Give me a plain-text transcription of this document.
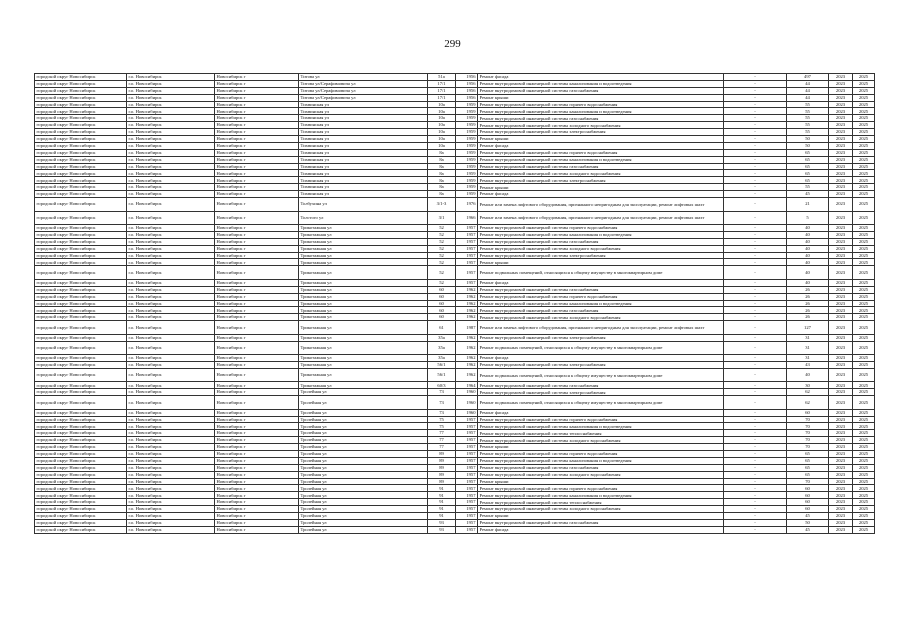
299
городской округ Новосибирск	г.о. Новосибирск	Новосибирск г	Титова ул	51а	1956	Ремонт фасада	-	497	2023	2025
городской округ Новосибирск	г.о. Новосибирск	Новосибирск г	Титова ул/Серафимовича ул	17/1	1956	Ремонт внутридомовой инженерной системы канализования и водоотведения	-	44	2023	2025
городской округ Новосибирск	г.о. Новосибирск	Новосибирск г	Титова ул/Серафимовича ул	17/1	1956	Ремонт внутридомовой инженерной системы газоснабжения	-	44	2023	2025
городской округ Новосибирск	г.о. Новосибирск	Новосибирск г	Титова ул/Серафимовича ул	17/1	1956	Ремонт крыши	-	44	2023	2025
городской округ Новосибирск	г.о. Новосибирск	Новосибирск г	Тихвинская ул	10а	1959	Ремонт внутридомовой инженерной системы горячего водоснабжения	-	55	2023	2025
городской округ Новосибирск	г.о. Новосибирск	Новосибирск г	Тихвинская ул	10а	1959	Ремонт внутридомовой инженерной системы канализования и водоотведения	-	55	2023	2025
городской округ Новосибирск	г.о. Новосибирск	Новосибирск г	Тихвинская ул	10а	1959	Ремонт внутридомовой инженерной системы газоснабжения	-	55	2023	2025
городской округ Новосибирск	г.о. Новосибирск	Новосибирск г	Тихвинская ул	10а	1959	Ремонт внутридомовой инженерной системы холодного водоснабжения	-	55	2023	2025
городской округ Новосибирск	г.о. Новосибирск	Новосибирск г	Тихвинская ул	10а	1959	Ремонт внутридомовой инженерной системы электроснабжения	-	55	2023	2025
городской округ Новосибирск	г.о. Новосибирск	Новосибирск г	Тихвинская ул	10а	1959	Ремонт крыши	-	50	2023	2025
городской округ Новосибирск	г.о. Новосибирск	Новосибирск г	Тихвинская ул	10а	1959	Ремонт фасада	-	50	2023	2025
городской округ Новосибирск	г.о. Новосибирск	Новосибирск г	Тихвинская ул	8а	1959	Ремонт внутридомовой инженерной системы горячего водоснабжения	-	65	2023	2025
городской округ Новосибирск	г.о. Новосибирск	Новосибирск г	Тихвинская ул	8а	1959	Ремонт внутридомовой инженерной системы канализования и водоотведения	-	65	2023	2025
городской округ Новосибирск	г.о. Новосибирск	Новосибирск г	Тихвинская ул	8а	1959	Ремонт внутридомовой инженерной системы газоснабжения	-	65	2023	2025
городской округ Новосибирск	г.о. Новосибирск	Новосибирск г	Тихвинская ул	8а	1959	Ремонт внутридомовой инженерной системы холодного водоснабжения	-	65	2023	2025
городской округ Новосибирск	г.о. Новосибирск	Новосибирск г	Тихвинская ул	8а	1959	Ремонт внутридомовой инженерной системы электроснабжения	-	65	2023	2025
городской округ Новосибирск	г.о. Новосибирск	Новосибирск г	Тихвинская ул	8а	1959	Ремонт крыши	-	55	2023	2025
городской округ Новосибирск	г.о. Новосибирск	Новосибирск г	Тихвинская ул	8а	1959	Ремонт фасада	-	45	2023	2025
городской округ Новосибирск	г.о. Новосибирск	Новосибирск г	Толбухина ул	3/1-3	1976	Ремонт или замена лифтового оборудования, признанного непригодным для эксплуатации, ремонт лифтовых шахт	-	21	2023	2025
городской округ Новосибирск	г.о. Новосибирск	Новосибирск г	Толстого ул	3/1	1966	Ремонт или замена лифтового оборудования, признанного непригодным для эксплуатации, ремонт лифтовых шахт	-	5	2023	2025
городской округ Новосибирск	г.о. Новосибирск	Новосибирск г	Трикотажная ул	52	1957	Ремонт внутридомовой инженерной системы горячего водоснабжения	-	40	2023	2025
городской округ Новосибирск	г.о. Новосибирск	Новосибирск г	Трикотажная ул	52	1957	Ремонт внутридомовой инженерной системы канализования и водоотведения	-	40	2023	2025
городской округ Новосибирск	г.о. Новосибирск	Новосибирск г	Трикотажная ул	52	1957	Ремонт внутридомовой инженерной системы газоснабжения	-	40	2023	2025
городской округ Новосибирск	г.о. Новосибирск	Новосибирск г	Трикотажная ул	52	1957	Ремонт внутридомовой инженерной системы холодного водоснабжения	-	40	2023	2025
городской округ Новосибирск	г.о. Новосибирск	Новосибирск г	Трикотажная ул	52	1957	Ремонт внутридомовой инженерной системы электроснабжения	-	40	2023	2025
городской округ Новосибирск	г.о. Новосибирск	Новосибирск г	Трикотажная ул	52	1957	Ремонт крыши	-	40	2023	2025
городской округ Новосибирск	г.о. Новосибирск	Новосибирск г	Трикотажная ул	52	1957	Ремонт подвальных помещений, относящихся к общему имуществу в многоквартирном доме	-	40	2023	2025
городской округ Новосибирск	г.о. Новосибирск	Новосибирск г	Трикотажная ул	52	1957	Ремонт фасада	-	40	2023	2025
городской округ Новосибирск	г.о. Новосибирск	Новосибирск г	Трикотажная ул	60	1962	Ремонт внутридомовой инженерной системы газоснабжения	-	26	2023	2025
городской округ Новосибирск	г.о. Новосибирск	Новосибирск г	Трикотажная ул	60	1962	Ремонт внутридомовой инженерной системы горячего водоснабжения	-	26	2023	2025
городской округ Новосибирск	г.о. Новосибирск	Новосибирск г	Трикотажная ул	60	1962	Ремонт внутридомовой инженерной системы канализования и водоотведения	-	26	2023	2025
городской округ Новосибирск	г.о. Новосибирск	Новосибирск г	Трикотажная ул	60	1962	Ремонт внутридомовой инженерной системы газоснабжения	-	26	2023	2025
городской округ Новосибирск	г.о. Новосибирск	Новосибирск г	Трикотажная ул	60	1962	Ремонт внутридомовой инженерной системы холодного водоснабжения	-	26	2023	2025
городской округ Новосибирск	г.о. Новосибирск	Новосибирск г	Трикотажная ул	61	1987	Ремонт или замена лифтового оборудования, признанного непригодным для эксплуатации, ремонт лифтовых шахт	-	127	2023	2025
городской округ Новосибирск	г.о. Новосибирск	Новосибирск г	Трикотажная ул	35а	1962	Ремонт внутридомовой инженерной системы электроснабжения	-	31	2023	2025
городской округ Новосибирск	г.о. Новосибирск	Новосибирск г	Трикотажная ул	35а	1962	Ремонт подвальных помещений, относящихся к общему имуществу в многоквартирном доме	-	31	2023	2025
городской округ Новосибирск	г.о. Новосибирск	Новосибирск г	Трикотажная ул	35а	1962	Ремонт фасада	-	31	2023	2025
городской округ Новосибирск	г.о. Новосибирск	Новосибирск г	Трикотажная ул	56/1	1962	Ремонт внутридомовой инженерной системы электроснабжения	-	43	2023	2025
городской округ Новосибирск	г.о. Новосибирск	Новосибирск г	Трикотажная ул	56/1	1962	Ремонт подвальных помещений, относящихся к общему имуществу в многоквартирном доме	-	40	2023	2025
городской округ Новосибирск	г.о. Новосибирск	Новосибирск г	Трикотажная ул	60/3	1964	Ремонт внутридомовой инженерной системы газоснабжения	-	30	2023	2025
городской округ Новосибирск	г.о. Новосибирск	Новосибирск г	Тролейная ул	73	1960	Ремонт внутридомовой инженерной системы электроснабжения	-	62	2023	2025
городской округ Новосибирск	г.о. Новосибирск	Новосибирск г	Тролейная ул	73	1960	Ремонт подвальных помещений, относящихся к общему имуществу в многоквартирном доме	-	62	2023	2025
городской округ Новосибирск	г.о. Новосибирск	Новосибирск г	Тролейная ул	73	1960	Ремонт фасада	-	60	2023	2025
городской округ Новосибирск	г.о. Новосибирск	Новосибирск г	Тролейная ул	75	1957	Ремонт внутридомовой инженерной системы горячего водоснабжения	-	70	2023	2025
городской округ Новосибирск	г.о. Новосибирск	Новосибирск г	Тролейная ул	75	1957	Ремонт внутридомовой инженерной системы канализования и водоотведения	-	70	2023	2025
городской округ Новосибирск	г.о. Новосибирск	Новосибирск г	Тролейная ул	77	1957	Ремонт внутридомовой инженерной системы теплоснабжения	-	70	2023	2025
городской округ Новосибирск	г.о. Новосибирск	Новосибирск г	Тролейная ул	77	1957	Ремонт внутридомовой инженерной системы холодного водоснабжения	-	70	2023	2025
городской округ Новосибирск	г.о. Новосибирск	Новосибирск г	Тролейная ул	77	1957	Ремонт крыши	-	70	2023	2025
городской округ Новосибирск	г.о. Новосибирск	Новосибирск г	Тролейная ул	89	1957	Ремонт внутридомовой инженерной системы горячего водоснабжения	-	65	2023	2025
городской округ Новосибирск	г.о. Новосибирск	Новосибирск г	Тролейная ул	89	1957	Ремонт внутридомовой инженерной системы канализования и водоотведения	-	65	2023	2025
городской округ Новосибирск	г.о. Новосибирск	Новосибирск г	Тролейная ул	89	1957	Ремонт внутридомовой инженерной системы газоснабжения	-	65	2023	2025
городской округ Новосибирск	г.о. Новосибирск	Новосибирск г	Тролейная ул	89	1957	Ремонт внутридомовой инженерной системы холодного водоснабжения	-	65	2023	2025
городской округ Новосибирск	г.о. Новосибирск	Новосибирск г	Тролейная ул	89	1957	Ремонт крыши	-	70	2023	2025
городской округ Новосибирск	г.о. Новосибирск	Новосибирск г	Тролейная ул	91	1957	Ремонт внутридомовой инженерной системы горячего водоснабжения	-	60	2023	2025
городской округ Новосибирск	г.о. Новосибирск	Новосибирск г	Тролейная ул	91	1957	Ремонт внутридомовой инженерной системы канализования и водоотведения	-	60	2023	2025
городской округ Новосибирск	г.о. Новосибирск	Новосибирск г	Тролейная ул	91	1957	Ремонт внутридомовой инженерной системы теплоснабжения	-	60	2023	2025
городской округ Новосибирск	г.о. Новосибирск	Новосибирск г	Тролейная ул	91	1957	Ремонт внутридомовой инженерной системы холодного водоснабжения	-	60	2023	2025
городской округ Новосибирск	г.о. Новосибирск	Новосибирск г	Тролейная ул	91	1957	Ремонт крыши	-	45	2023	2025
городской округ Новосибирск	г.о. Новосибирск	Новосибирск г	Тролейная ул	93	1957	Ремонт внутридомовой инженерной системы газоснабжения	-	50	2023	2025
городской округ Новосибирск	г.о. Новосибирск	Новосибирск г	Тролейная ул	93	1957	Ремонт фасада	-	45	2023	2025
